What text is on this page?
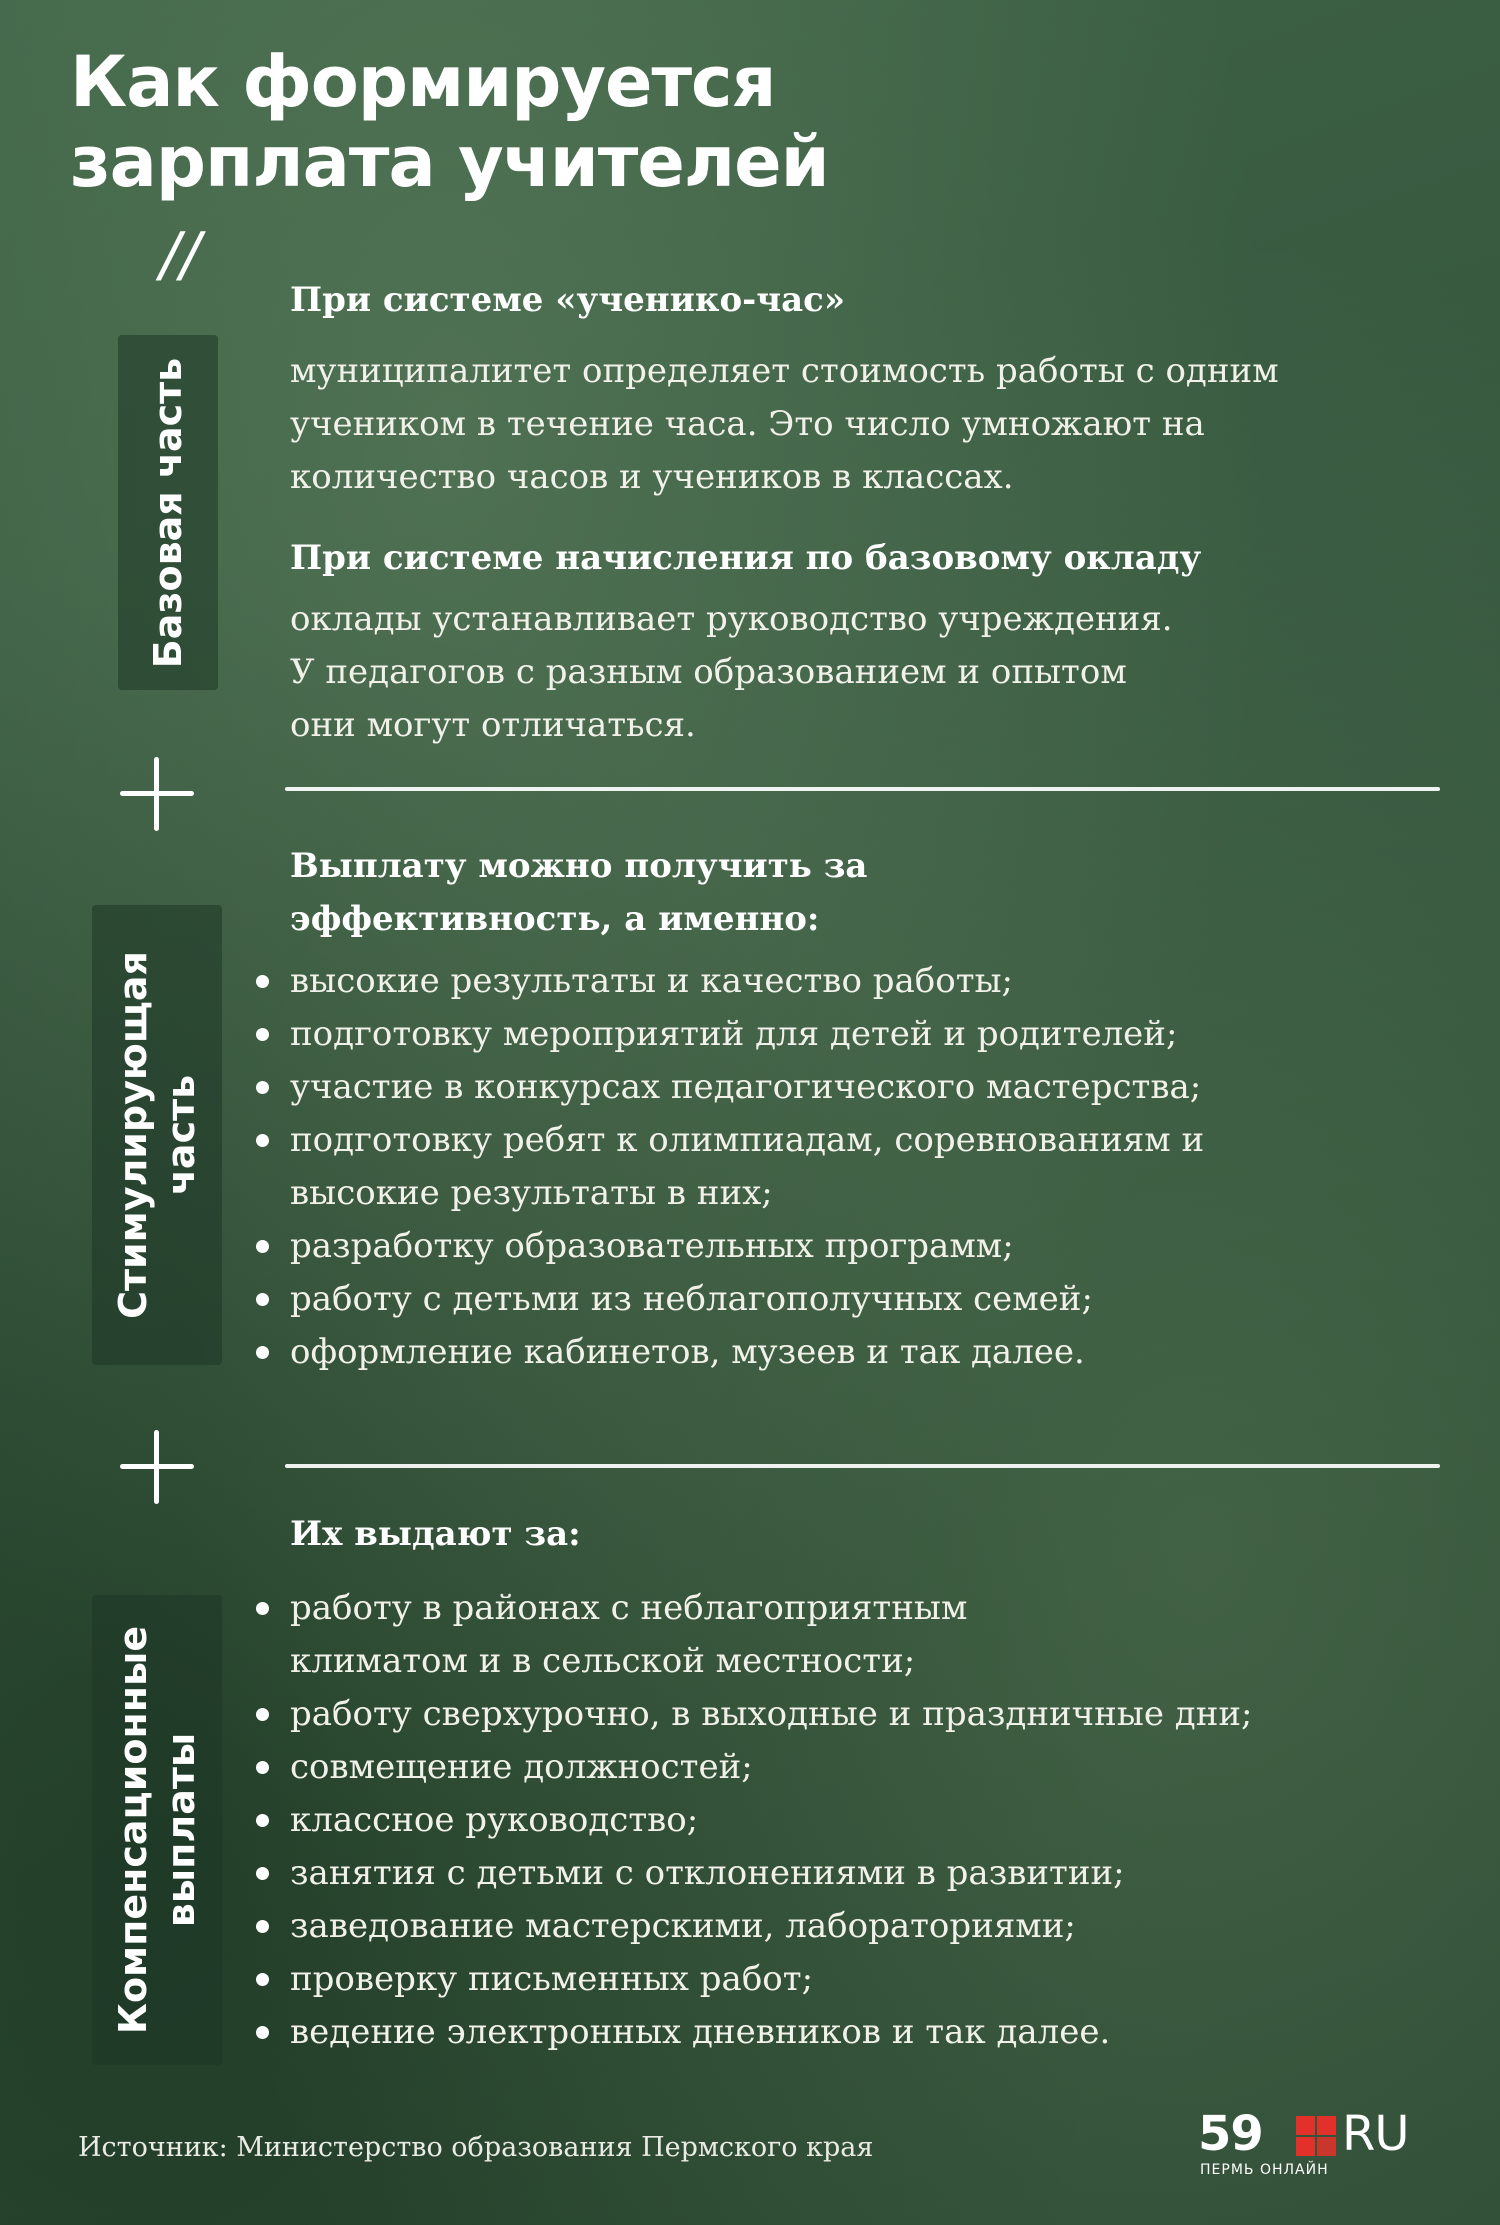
Как формируется
зарплата учителей
//
Базовая часть
Стимулирующая часть
Компенсационные выплаты

При системе «ученико-час»

муниципалитет определяет стоимость работы с одним
учеником в течение часа. Это число умножают на
количество часов и учеников в классах.

При системе начисления по базовому окладу

оклады устанавливает руководство учреждения.
У педагогов с разным образованием и опытом
они могут отличаться.
Выплату можно получить за
эффективность, а именно:
высокие результаты и качество работы;
подготовку мероприятий для детей и родителей;
участие в конкурсах педагогического мастерства;
подготовку ребят к олимпиадам, соревнованиям и
высокие результаты в них;
разработку образовательных программ;
работу с детьми из неблагополучных семей;
оформление кабинетов, музеев и так далее.

Их выдают за:

работу в районах с неблагоприятным
климатом и в сельской местности;
работу сверхурочно, в выходные и праздничные дни;
совмещение должностей;
классное руководство;
занятия с детьми с отклонениями в развитии;
заведование мастерскими, лабораториями;
проверку письменных работ;
ведение электронных дневников и так далее.
Источник: Министерство образования Пермского края	59 RU
ПЕРМЬ ОНЛАЙН
